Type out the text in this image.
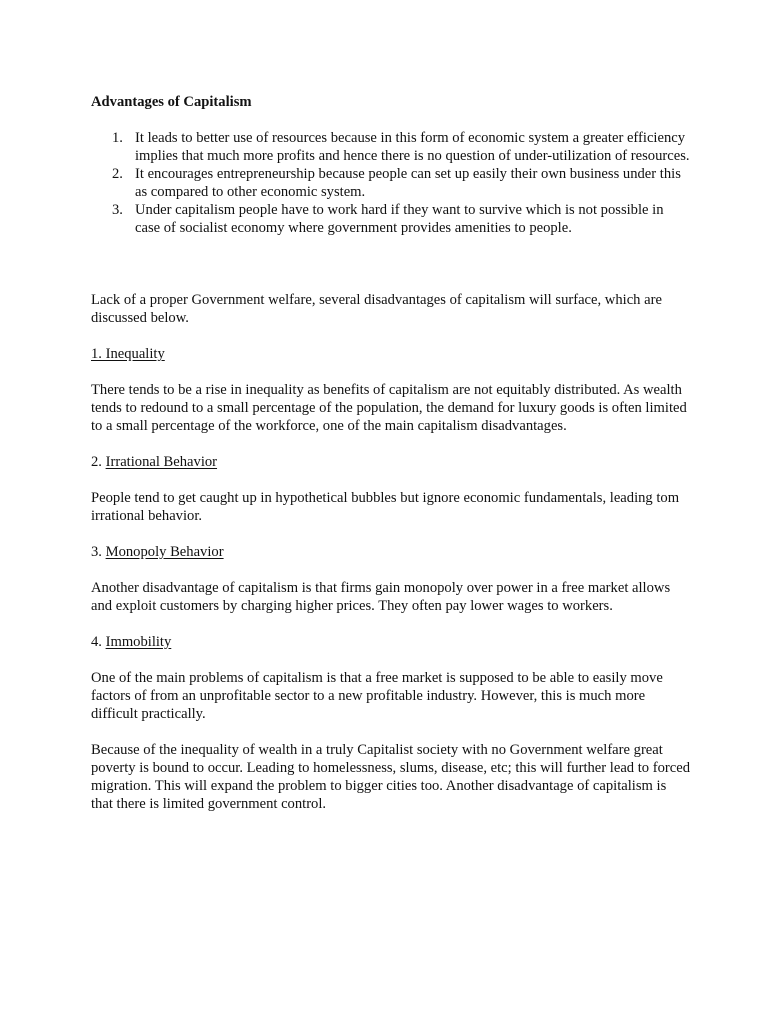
Advantages of Capitalism
1. It leads to better use of resources because in this form of economic system a greater efficiency implies that much more profits and hence there is no question of under-utilization of resources.
2. It encourages entrepreneurship because people can set up easily their own business under this as compared to other economic system.
3. Under capitalism people have to work hard if they want to survive which is not possible in case of socialist economy where government provides amenities to people.

Lack of a proper Government welfare, several disadvantages of capitalism will surface, which are discussed below.

1. Inequality

There tends to be a rise in inequality as benefits of capitalism are not equitably distributed. As wealth tends to redound to a small percentage of the population, the demand for luxury goods is often limited to a small percentage of the workforce, one of the main capitalism disadvantages.

2. Irrational Behavior

People tend to get caught up in hypothetical bubbles but ignore economic fundamentals, leading tom irrational behavior.

3. Monopoly Behavior

Another disadvantage of capitalism is that firms gain monopoly over power in a free market allows and exploit customers by charging higher prices. They often pay lower wages to workers.

4. Immobility

One of the main problems of capitalism is that a free market is supposed to be able to easily move factors of from an unprofitable sector to a new profitable industry. However, this is much more difficult practically.

Because of the inequality of wealth in a truly Capitalist society with no Government welfare great poverty is bound to occur. Leading to homelessness, slums, disease, etc; this will further lead to forced migration. This will expand the problem to bigger cities too. Another disadvantage of capitalism is that there is limited government control.
